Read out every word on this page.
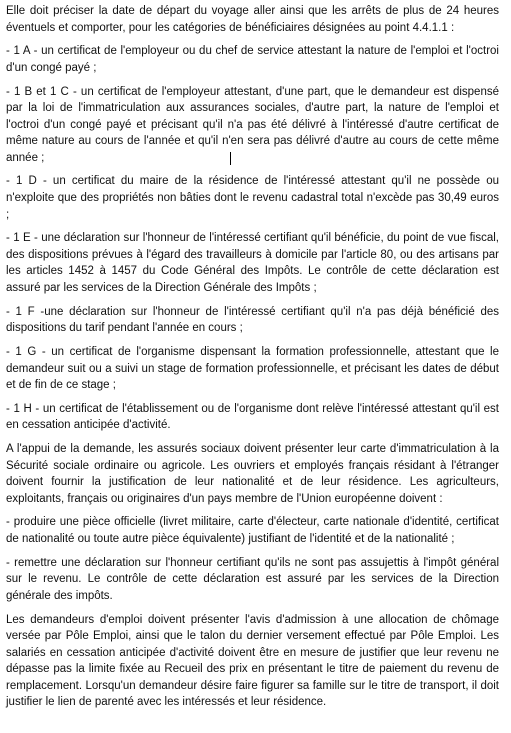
Elle doit préciser la date de départ du voyage aller ainsi que les arrêts de plus de 24 heures éventuels et comporter, pour les catégories de bénéficiaires désignées au point 4.4.1.1 :

- 1 A - un certificat de l'employeur ou du chef de service attestant la nature de l'emploi et l'octroi d'un congé payé ;

- 1 B et 1 C - un certificat de l'employeur attestant, d'une part, que le demandeur est dispensé par la loi de l'immatriculation aux assurances sociales, d'autre part, la nature de l'emploi et l'octroi d'un congé payé et précisant qu'il n'a pas été délivré à l'intéressé d'autre certificat de même nature au cours de l'année et qu'il n'en sera pas délivré d'autre au cours de cette même année ;

- 1 D - un certificat du maire de la résidence de l'intéressé attestant qu'il ne possède ou n'exploite que des propriétés non bâties dont le revenu cadastral total n'excède pas 30,49 euros ;

- 1 E - une déclaration sur l'honneur de l'intéressé certifiant qu'il bénéficie, du point de vue fiscal, des dispositions prévues à l'égard des travailleurs à domicile par l'article 80, ou des artisans par les articles 1452 à 1457 du Code Général des Impôts. Le contrôle de cette déclaration est assuré par les services de la Direction Générale des Impôts ;

- 1 F -une déclaration sur l'honneur de l'intéressé certifiant qu'il n'a pas déjà bénéficié des dispositions du tarif pendant l'année en cours ;

- 1 G - un certificat de l'organisme dispensant la formation professionnelle, attestant que le demandeur suit ou a suivi un stage de formation professionnelle, et précisant les dates de début et de fin de ce stage ;

- 1 H - un certificat de l'établissement ou de l'organisme dont relève l'intéressé attestant qu'il est en cessation anticipée d'activité.

A l'appui de la demande, les assurés sociaux doivent présenter leur carte d'immatriculation à la Sécurité sociale ordinaire ou agricole. Les ouvriers et employés français résidant à l'étranger doivent fournir la justification de leur nationalité et de leur résidence. Les agriculteurs, exploitants, français ou originaires d'un pays membre de l'Union européenne doivent :

- produire une pièce officielle (livret militaire, carte d'électeur, carte nationale d'identité, certificat de nationalité ou toute autre pièce équivalente) justifiant de l'identité et de la nationalité ;

- remettre une déclaration sur l'honneur certifiant qu'ils ne sont pas assujettis à l'impôt général sur le revenu. Le contrôle de cette déclaration est assuré par les services de la Direction générale des impôts.

Les demandeurs d'emploi doivent présenter l'avis d'admission à une allocation de chômage versée par Pôle Emploi, ainsi que le talon du dernier versement effectué par Pôle Emploi. Les salariés en cessation anticipée d'activité doivent être en mesure de justifier que leur revenu ne dépasse pas la limite fixée au Recueil des prix en présentant le titre de paiement du revenu de remplacement. Lorsqu'un demandeur désire faire figurer sa famille sur le titre de transport, il doit justifier le lien de parenté avec les intéressés et leur résidence.
